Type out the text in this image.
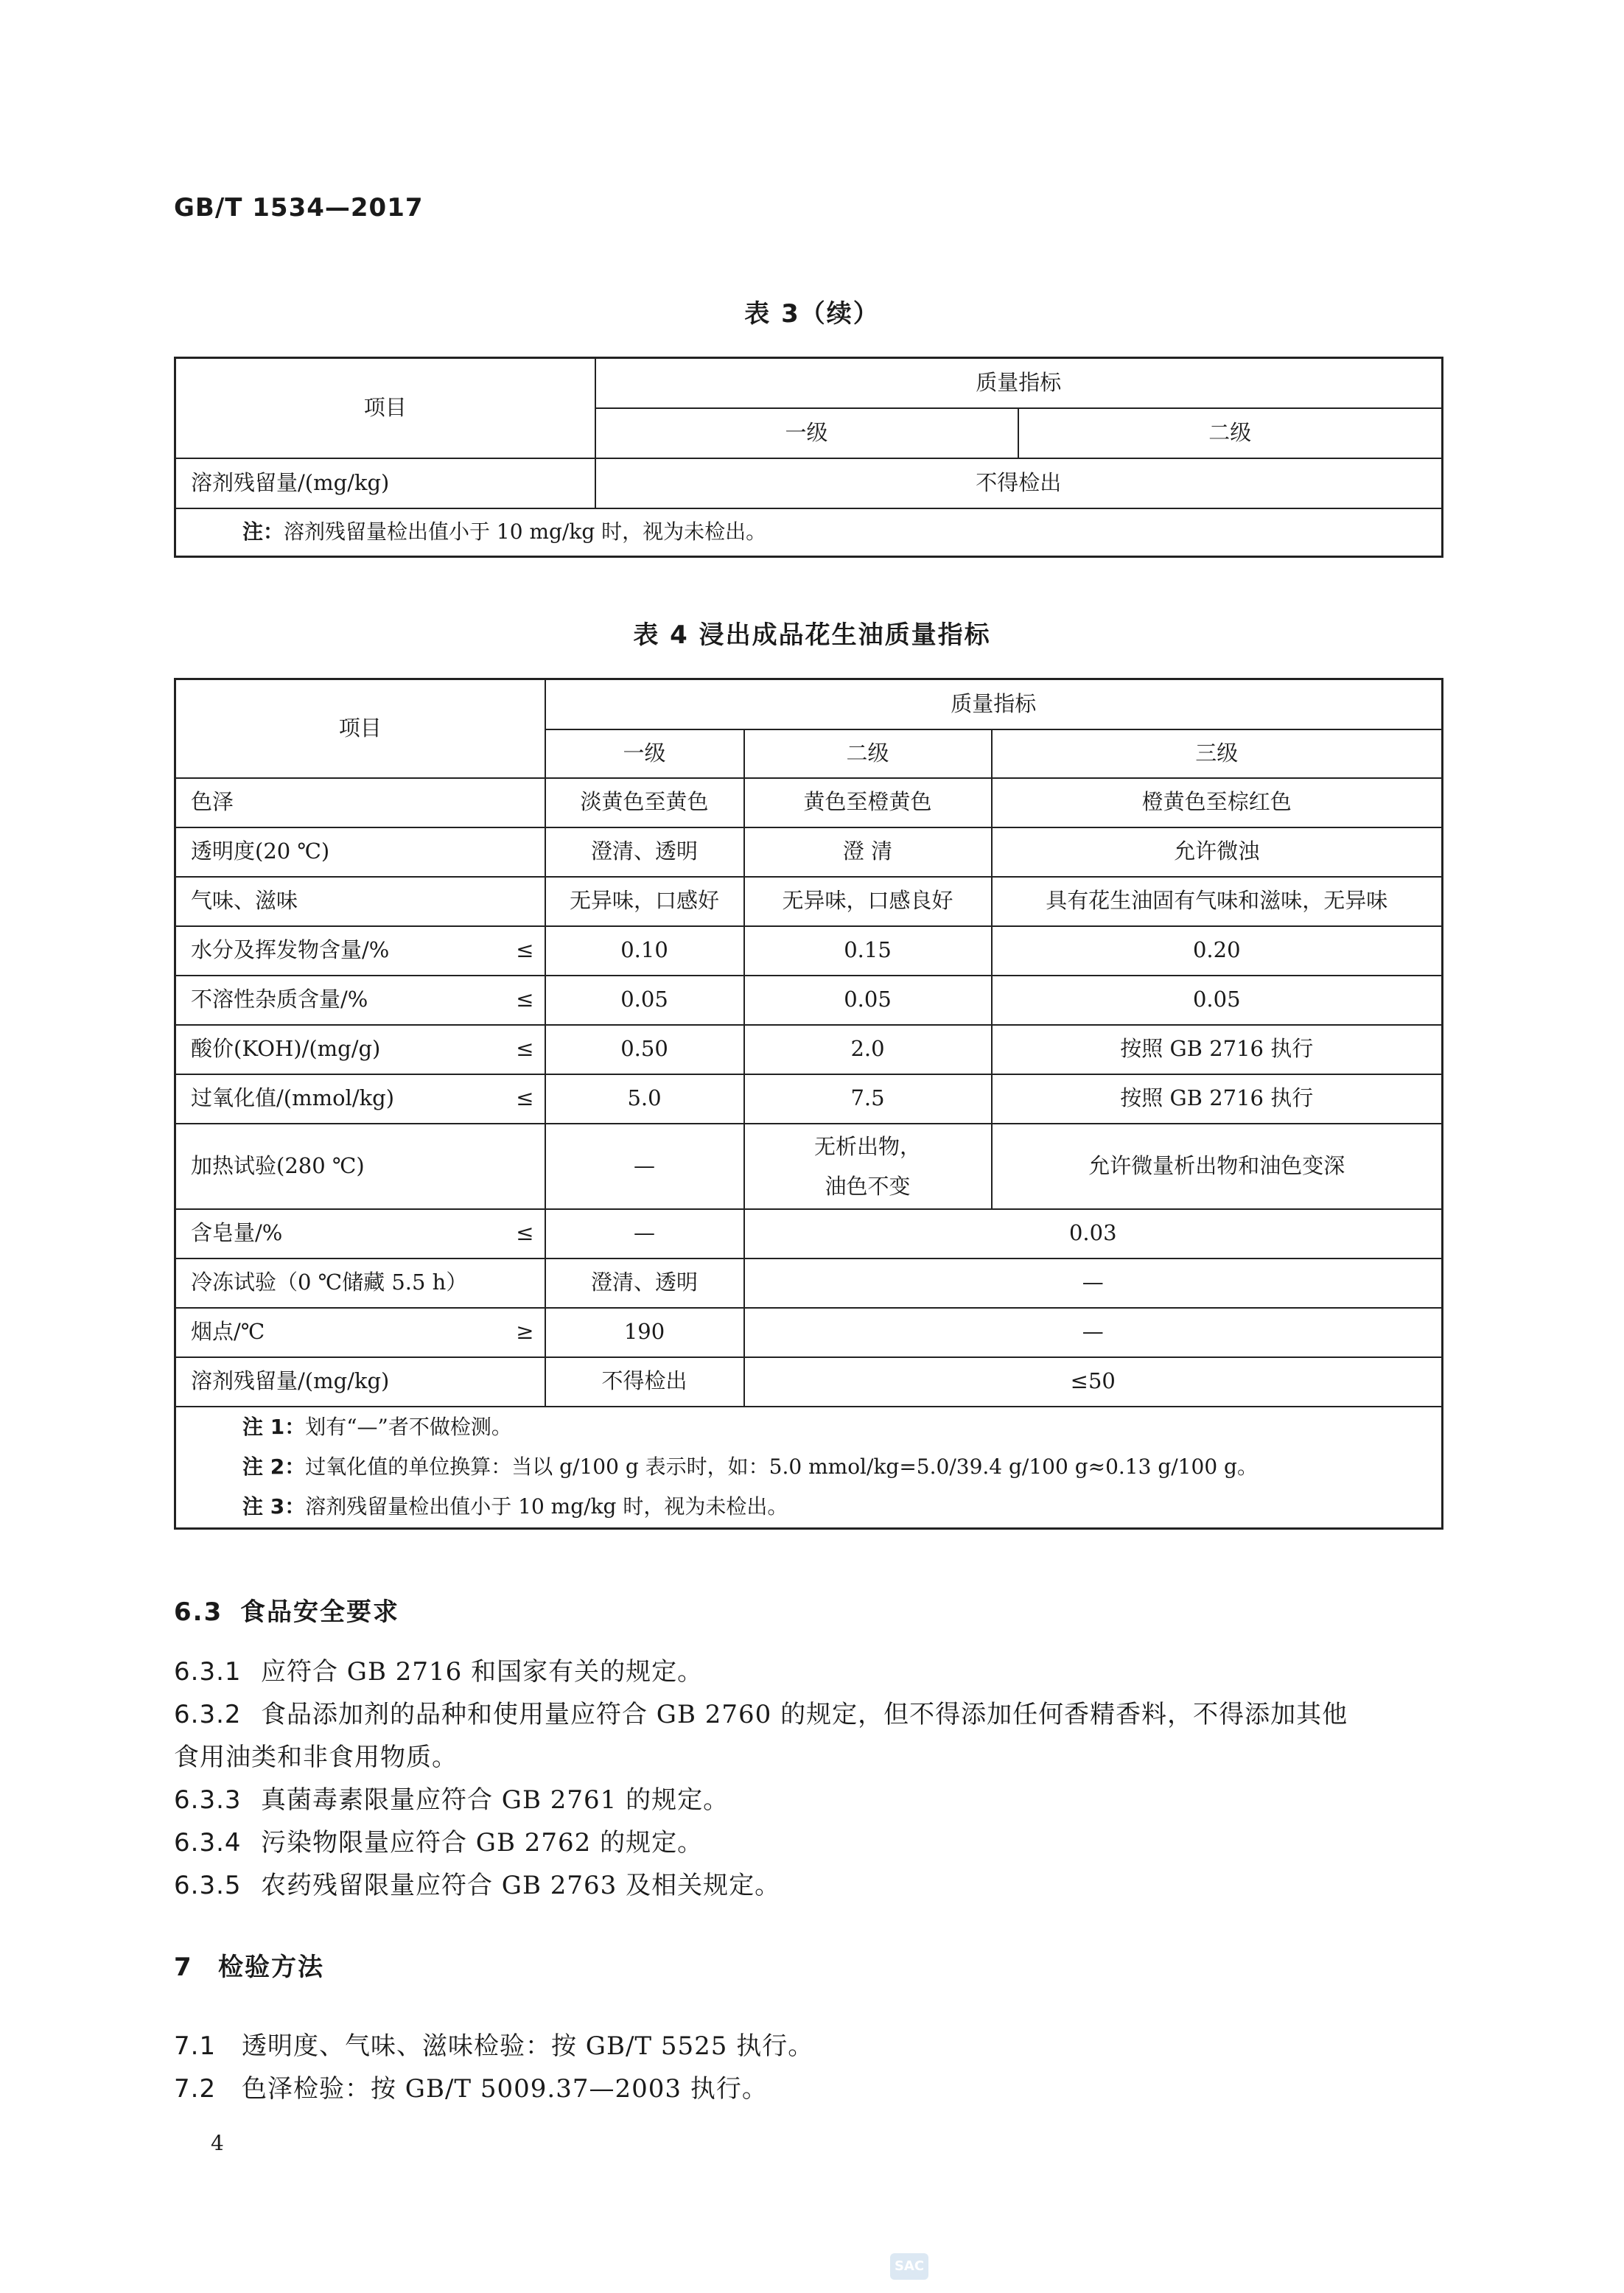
GB/T 1534—2017
表 3（续）
项目	质量指标	
	一级	二级
溶剂残留量/(mg/kg)	不得检出	
注：溶剂残留量检出值小于 10 mg/kg 时，视为未检出。		
表 4 浸出成品花生油质量指标
项目	质量指标		
	一级	二级	三级

色泽	淡黄色至黄色	黄色至橙黄色	橙黄色至棕红色

透明度(20 ℃)	澄清、透明	澄 清	允许微浊

气味、滋味	无异味，口感好	无异味，口感良好	具有花生油固有气味和滋味，无异味

水分及挥发物含量/% ≤	0.10	0.15	0.20

不溶性杂质含量/% ≤	0.05	0.05	0.05

酸价(KOH)/(mg/g) ≤	0.50	2.0	按照 GB 2716 执行

过氧化值/(mmol/kg) ≤	5.0	7.5	按照 GB 2716 执行
加热试验(280 ℃)	—	无析出物，
油色不变	允许微量析出物和油色变深

含皂量/% ≤	—	0.03	
冷冻试验（0 ℃储藏 5.5 h）	澄清、透明	—	

烟点/℃ ≥	190	—	
溶剂残留量/(mg/kg)	不得检出	≤50	

注 1：划有“—”者不做检测。
注 2：过氧化值的单位换算：当以 g/100 g 表示时，如：5.0 mmol/kg=5.0/39.4 g/100 g≈0.13 g/100 g。
注 3：溶剂残留量检出值小于 10 mg/kg 时，视为未检出。			
6.3 食品安全要求
6.3.1 应符合 GB 2716 和国家有关的规定。
6.3.2 食品添加剂的品种和使用量应符合 GB 2760 的规定，但不得添加任何香精香料，不得添加其他
食用油类和非食用物质。
6.3.3 真菌毒素限量应符合 GB 2761 的规定。
6.3.4 污染物限量应符合 GB 2762 的规定。
6.3.5 农药残留限量应符合 GB 2763 及相关规定。
7 检验方法
7.1 透明度、气味、滋味检验：按 GB/T 5525 执行。
7.2 色泽检验：按 GB/T 5009.37—2003 执行。
4
SAC
